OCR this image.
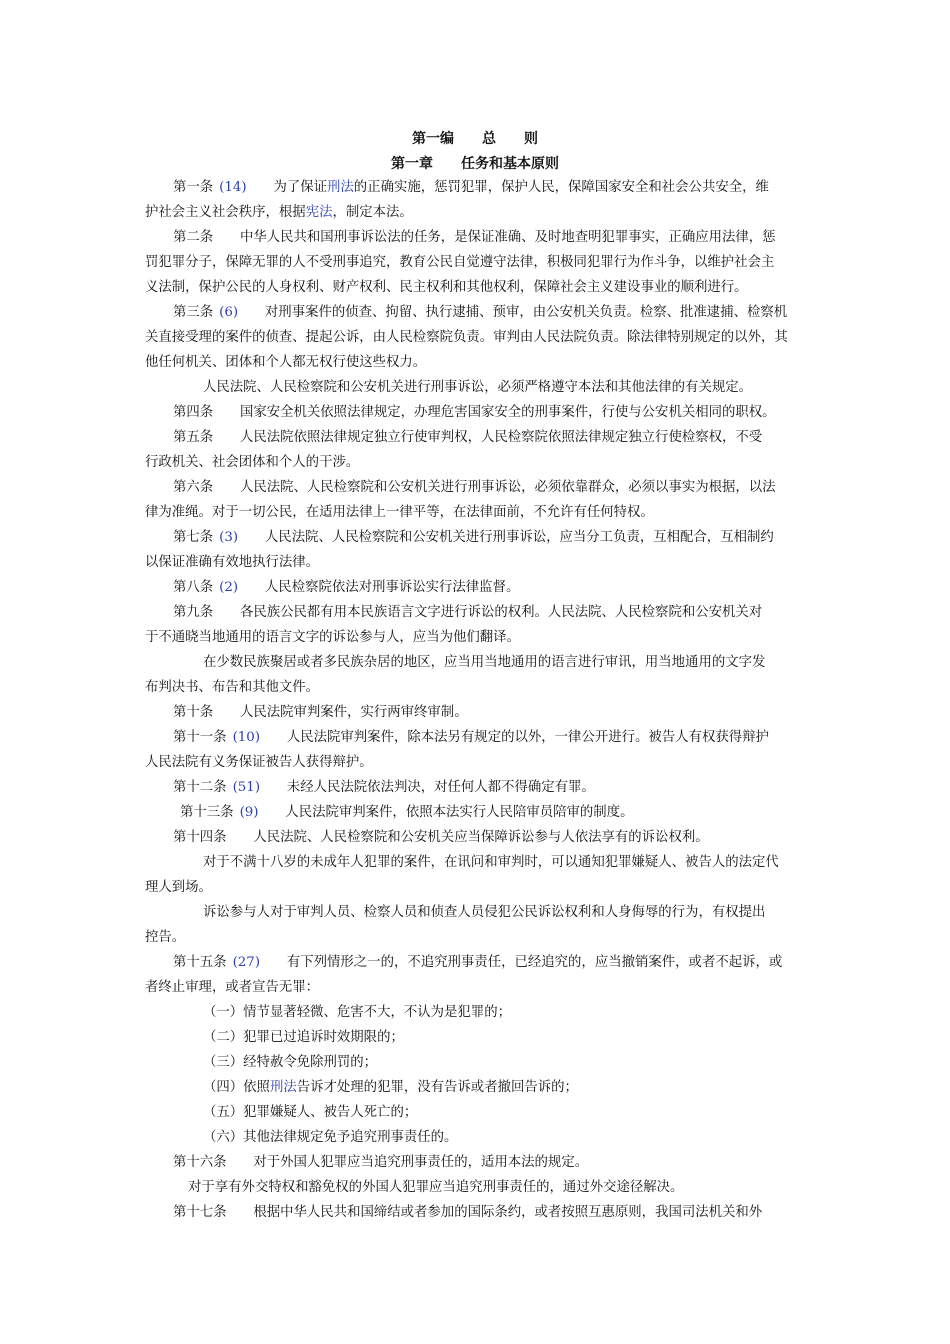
第一编　　总　　则
第一章　　任务和基本原则
第一条 (14)　　为了保证刑法的正确实施，惩罚犯罪，保护人民，保障国家安全和社会公共安全，维
护社会主义社会秩序，根据宪法，制定本法。
第二条　　中华人民共和国刑事诉讼法的任务，是保证准确、及时地查明犯罪事实，正确应用法律，惩
罚犯罪分子，保障无罪的人不受刑事追究，教育公民自觉遵守法律，积极同犯罪行为作斗争，以维护社会主
义法制，保护公民的人身权利、财产权利、民主权利和其他权利，保障社会主义建设事业的顺利进行。
第三条 (6)　　对刑事案件的侦查、拘留、执行逮捕、预审，由公安机关负责。检察、批准逮捕、检察机
关直接受理的案件的侦查、提起公诉，由人民检察院负责。审判由人民法院负责。除法律特别规定的以外，其
他任何机关、团体和个人都无权行使这些权力。
人民法院、人民检察院和公安机关进行刑事诉讼，必须严格遵守本法和其他法律的有关规定。
第四条　　国家安全机关依照法律规定，办理危害国家安全的刑事案件，行使与公安机关相同的职权。
第五条　　人民法院依照法律规定独立行使审判权，人民检察院依照法律规定独立行使检察权，不受
行政机关、社会团体和个人的干涉。
第六条　　人民法院、人民检察院和公安机关进行刑事诉讼，必须依靠群众，必须以事实为根据，以法
律为准绳。对于一切公民，在适用法律上一律平等，在法律面前，不允许有任何特权。
第七条 (3)　　人民法院、人民检察院和公安机关进行刑事诉讼，应当分工负责，互相配合，互相制约
以保证准确有效地执行法律。
第八条 (2)　　人民检察院依法对刑事诉讼实行法律监督。
第九条　　各民族公民都有用本民族语言文字进行诉讼的权利。人民法院、人民检察院和公安机关对
于不通晓当地通用的语言文字的诉讼参与人，应当为他们翻译。
在少数民族聚居或者多民族杂居的地区，应当用当地通用的语言进行审讯，用当地通用的文字发
布判决书、布告和其他文件。
第十条　　人民法院审判案件，实行两审终审制。
第十一条 (10)　　人民法院审判案件，除本法另有规定的以外，一律公开进行。被告人有权获得辩护
人民法院有义务保证被告人获得辩护。
第十二条 (51)　　未经人民法院依法判决，对任何人都不得确定有罪。
第十三条 (9)　　人民法院审判案件，依照本法实行人民陪审员陪审的制度。
第十四条　　人民法院、人民检察院和公安机关应当保障诉讼参与人依法享有的诉讼权利。
对于不满十八岁的未成年人犯罪的案件，在讯问和审判时，可以通知犯罪嫌疑人、被告人的法定代
理人到场。
诉讼参与人对于审判人员、检察人员和侦查人员侵犯公民诉讼权利和人身侮辱的行为，有权提出
控告。
第十五条 (27)　　有下列情形之一的，不追究刑事责任，已经追究的，应当撤销案件，或者不起诉，或
者终止审理，或者宣告无罪：
（一）情节显著轻微、危害不大，不认为是犯罪的；
（二）犯罪已过追诉时效期限的；
（三）经特赦令免除刑罚的；
（四）依照刑法告诉才处理的犯罪，没有告诉或者撤回告诉的；
（五）犯罪嫌疑人、被告人死亡的；
（六）其他法律规定免予追究刑事责任的。
第十六条　　对于外国人犯罪应当追究刑事责任的，适用本法的规定。
对于享有外交特权和豁免权的外国人犯罪应当追究刑事责任的，通过外交途径解决。
第十七条　　根据中华人民共和国缔结或者参加的国际条约，或者按照互惠原则，我国司法机关和外
